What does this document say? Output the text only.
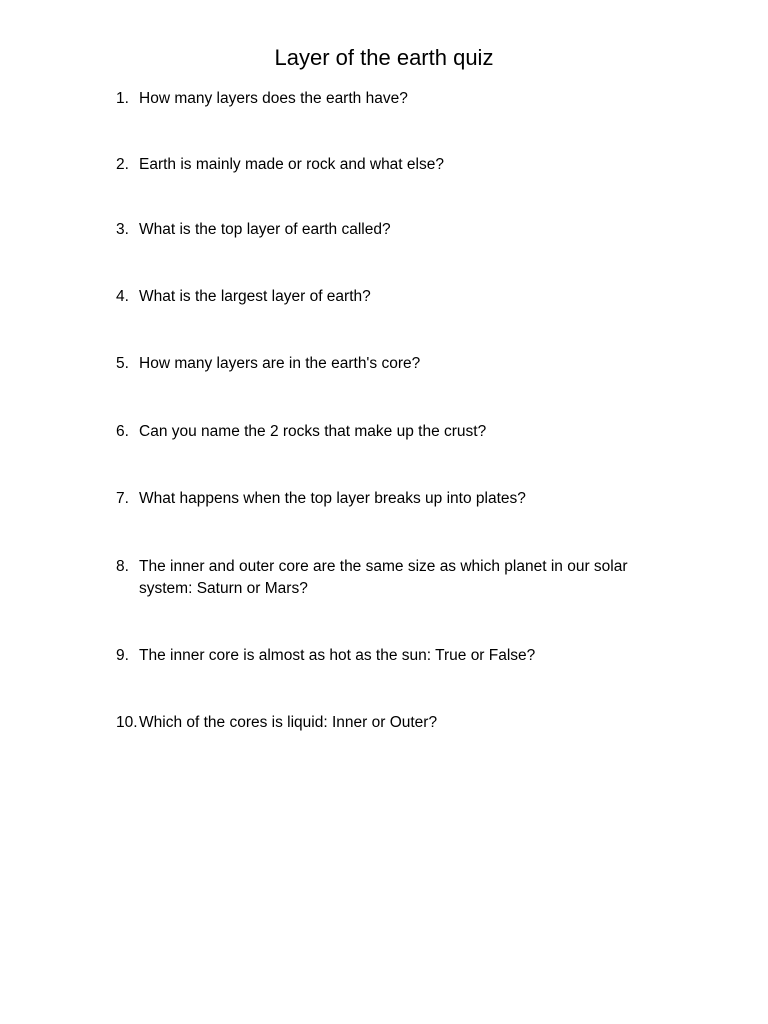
Layer of the earth quiz
1. How many layers does the earth have?
2. Earth is mainly made or rock and what else?
3. What is the top layer of earth called?
4. What is the largest layer of earth?
5. How many layers are in the earth's core?
6. Can you name the 2 rocks that make up the crust?
7. What happens when the top layer breaks up into plates?
8. The inner and outer core are the same size as which planet in our solar system: Saturn or Mars?
9. The inner core is almost as hot as the sun: True or False?
10. Which of the cores is liquid: Inner or Outer?
